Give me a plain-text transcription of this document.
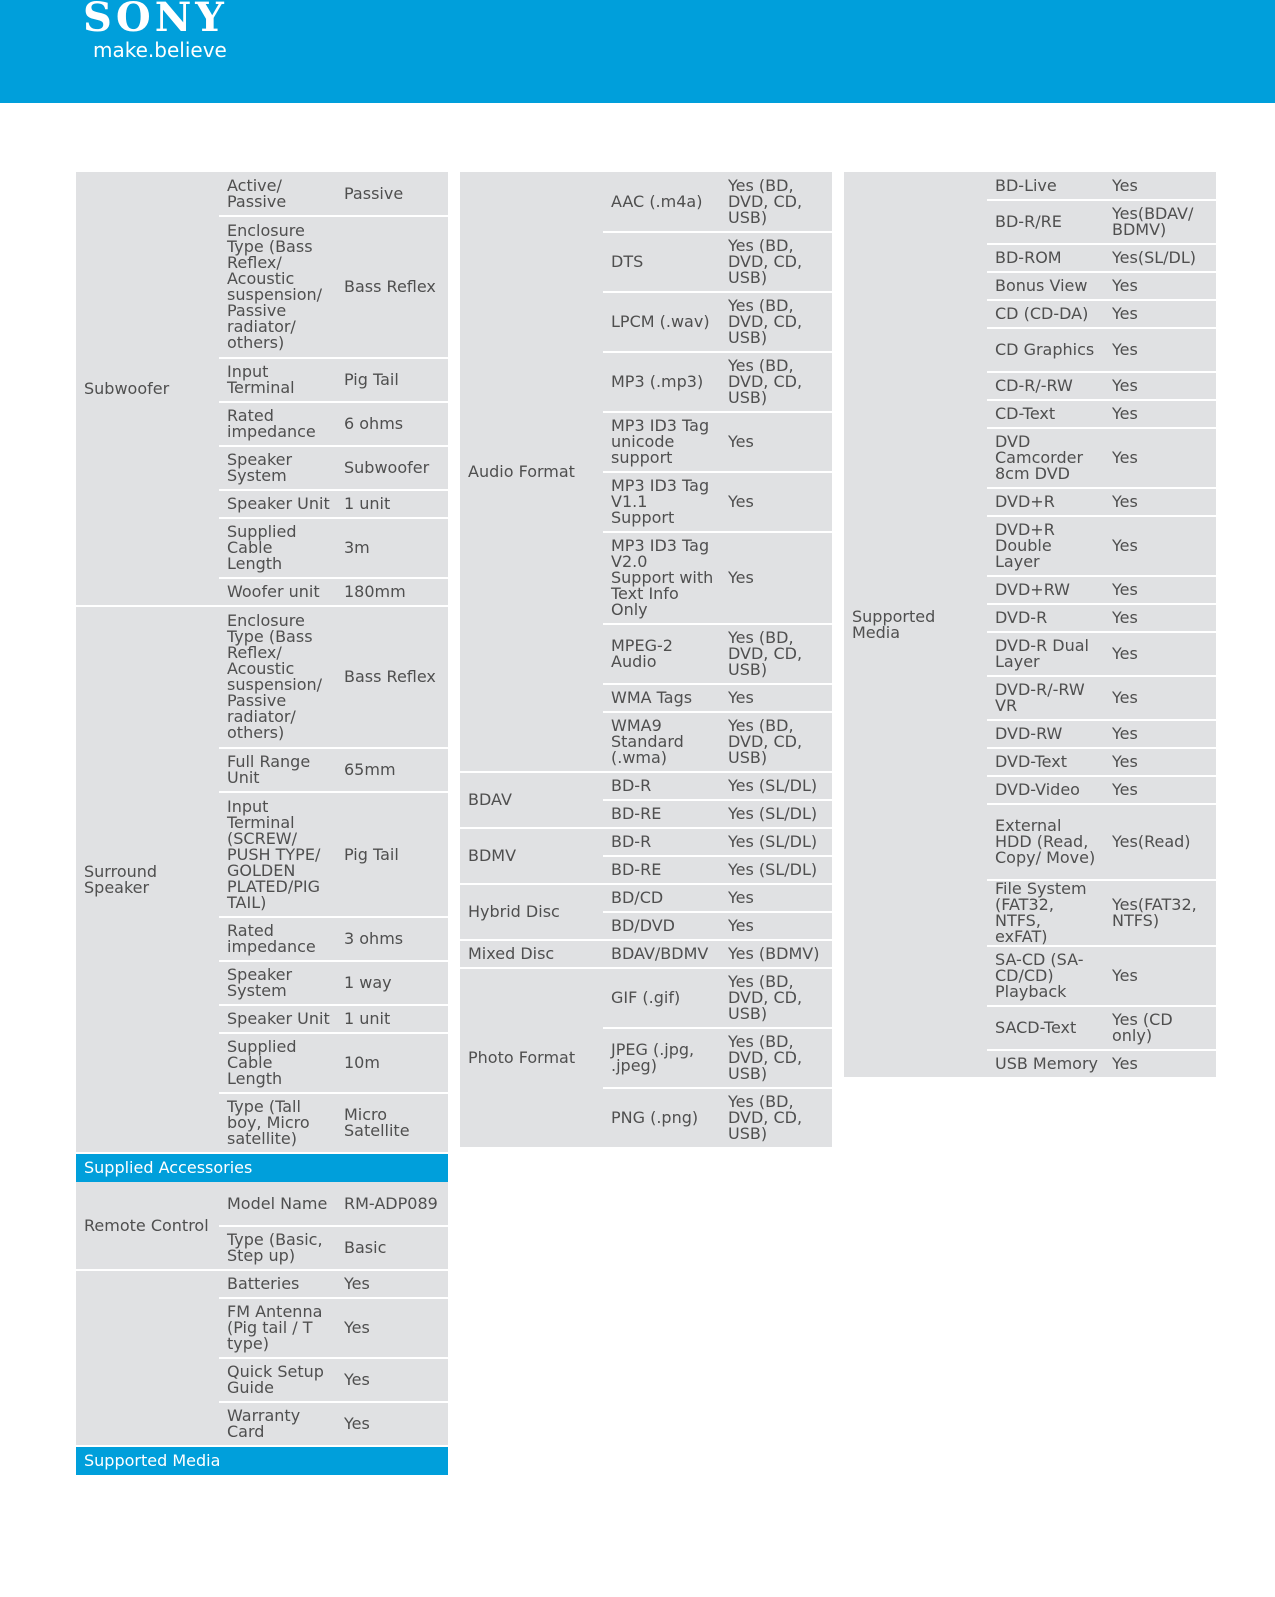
SONY
make.believe
Subwoofer	Active/ Passive	Passive
	Enclosure Type (Bass Reflex/ Acoustic suspension/ Passive radiator/ others)	Bass Reflex
	Input Terminal	Pig Tail
	Rated impedance	6 ohms
	Speaker System	Subwoofer
	Speaker Unit	1 unit
	Supplied Cable Length	3m
	Woofer unit	180mm
Surround Speaker	Enclosure Type (Bass Reflex/ Acoustic suspension/ Passive radiator/ others)	Bass Reflex
	Full Range Unit	65mm
	Input Terminal (SCREW/ PUSH TYPE/ GOLDEN PLATED/PIG TAIL)	Pig Tail
	Rated impedance	3 ohms
	Speaker System	1 way
	Speaker Unit	1 unit
	Supplied Cable Length	10m
	Type (Tall boy, Micro satellite)	Micro Satellite
Supplied Accessories
Remote Control	Model Name	RM-ADP089
	Type (Basic, Step up)	Basic
	Batteries	Yes
	FM Antenna (Pig tail / T type)	Yes
	Quick Setup Guide	Yes
	Warranty Card	Yes
Supported Media
Audio Format	AAC (.m4a)	Yes (BD, DVD, CD, USB)
	DTS	Yes (BD, DVD, CD, USB)
	LPCM (.wav)	Yes (BD, DVD, CD, USB)
	MP3 (.mp3)	Yes (BD, DVD, CD, USB)
	MP3 ID3 Tag unicode support	Yes
	MP3 ID3 Tag V1.1 Support	Yes
	MP3 ID3 Tag V2.0 Support with Text Info Only	Yes
	MPEG-2 Audio	Yes (BD, DVD, CD, USB)
	WMA Tags	Yes
	WMA9 Standard (.wma)	Yes (BD, DVD, CD, USB)
BDAV	BD-R	Yes (SL/DL)
	BD-RE	Yes (SL/DL)
BDMV	BD-R	Yes (SL/DL)
	BD-RE	Yes (SL/DL)
Hybrid Disc	BD/CD	Yes
	BD/DVD	Yes
Mixed Disc	BDAV/BDMV	Yes (BDMV)
Photo Format	GIF (.gif)	Yes (BD, DVD, CD, USB)
	JPEG (.jpg, .jpeg)	Yes (BD, DVD, CD, USB)
	PNG (.png)	Yes (BD, DVD, CD, USB)
Supported Media	BD-Live	Yes
	BD-R/RE	Yes(BDAV/ BDMV)
	BD-ROM	Yes(SL/DL)
	Bonus View	Yes
	CD (CD-DA)	Yes
	CD Graphics	Yes
	CD-R/-RW	Yes
	CD-Text	Yes
	DVD Camcorder 8cm DVD	Yes
	DVD+R	Yes
	DVD+R Double Layer	Yes
	DVD+RW	Yes
	DVD-R	Yes
	DVD-R Dual Layer	Yes
	DVD-R/-RW VR	Yes
	DVD-RW	Yes
	DVD-Text	Yes
	DVD-Video	Yes
	External HDD (Read, Copy/ Move)	Yes(Read)
	File System (FAT32, NTFS, exFAT)	Yes(FAT32, NTFS)
	SA-CD (SA-CD/CD) Playback	Yes
	SACD-Text	Yes (CD only)
	USB Memory	Yes
